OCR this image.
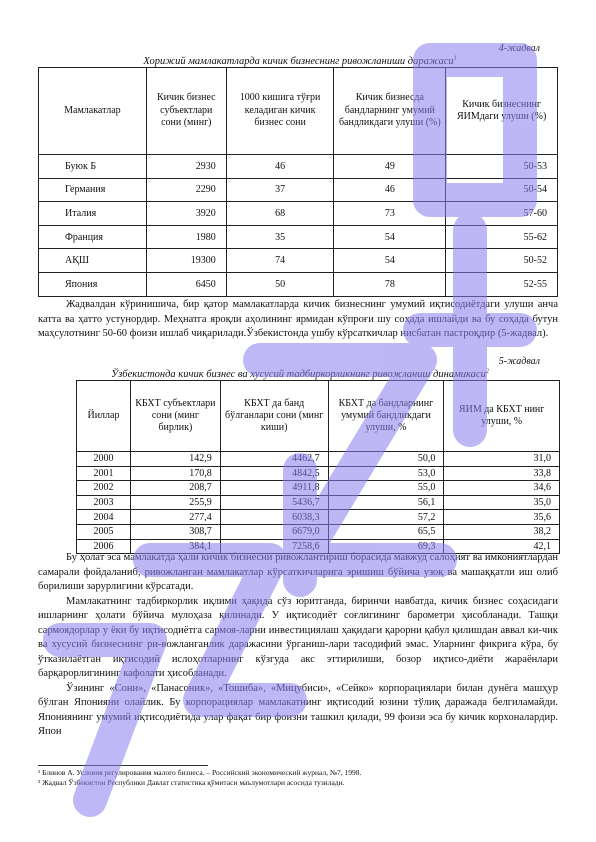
4-жадвал
Хорижий мамлакатларда кичик бизнеснинг ривожланиши даражаси$^1$
Мамлакатлар	Кичик бизнес субъектлари сони (минг)	1000 кишига тўғри келадиган кичик бизнес сони	Кичик бизнесда бандларнинг умумий бандликдаги улуши (%)	Кичик бизнеснинг ЯИМдаги улуши (%)
Буюк Б	2930	46	49	50-53
Германия	2290	37	46	50-54
Италия	3920	68	73	57-60
Франция	1980	35	54	55-62
АҚШ	19300	74	54	50-52
Япония	6450	50	78	52-55
Жадвалдан кўринишича, бир қатор мамлакатларда кичик бизнеснинг умумий иқтисодиётдаги улуши анча катта ва ҳатто устунордир. Меҳнатга яроқли аҳолининг ярмидан кўпроғи шу соҳада ишлайди ва бу соҳада бутун маҳсулотнинг 50-60 фоизи ишлаб чиқарилади.Ўзбекистонда ушбу кўрсаткичлар нисбатан пастроқдир (5-жадвал).
5-жадвал
Ўзбекистонда кичик бизнес ва хусусий тадбиркорликнинг ривожланиш динамикаси$^2$
Йиллар	КБХТ субъектлари сони (минг бирлик)	КБХТ да банд бўлганлари сони (минг киши)	КБХТ да бандларнинг умумий бандликдаги улуши, %	ЯИМ да КБХТ нинг улуши, %
2000	142,9	4462,7	50,0	31,0
2001	170,8	4842,5	53,0	33,8
2002	208,7	4911,8	55,0	34,6
2003	255,9	5436,7	56,1	35,0
2004	277,4	6038,3	57,2	35,6
2005	308,7	6679,0	65,5	38,2
2006	384,1	7258,6	69,3	42,1

Бу ҳолат эса мамлакатда ҳали кичик бизнесни ривожлантириш борасида мавжуд салоҳият ва имкониятлардан самарали фойдаланиб, ривожланган мамлакатлар кўрсаткичларига эришиш бўйича узоқ ва машаққатли иш олиб борилиши зарурлигини кўрсатади.

Мамлакатнинг тадбиркорлик иқлими ҳақида сўз юритганда, биринчи навбатда, кичик бизнес соҳасидаги ишларнинг ҳолати бўйича мулоҳаза қилинади. У иқтисодиёт соғлигининг барометри ҳисобланади. Ташқи сармоядорлар у ёки бу иқтисодиётга сармоя-ларни инвестициялаш ҳақидаги қарорни қабул қилишдан аввал ки-чик ва хусусий бизнеснинг ри-вожланганлик даражасини ўрганиш-лари тасодифий эмас. Уларнинг фикрига кўра, бу ўтказилаётган иқтисодий ислоҳотларнинг кўзгуда акс эттирилиши, бозор иқтисо-диёти жараёнлари барқарорлигининг кафолати ҳисобланади.

Ўзининг «Сони», «Панасоник», «Тошиба», «Мицубиси», «Сейко» корпорациялари билан дунёга машҳур бўлган Японияни олайлик. Бу корпорациялар мамлакатнинг иқтисодий юзини тўлиқ даражада белгиламайди. Япониянинг умумий иқтисодиётида улар фақат бир фоизни ташкил қилади, 99 фоизи эса бу кичик корхоналардир. Япон

¹ Блинов А. Условия регулирования малого бизнеса. – Российский экономический журнал, №7, 1998.

² Жадвал Ўзбекистон Республики Давлат статистика қўмитаси маълумотлари асосида тузилади.
